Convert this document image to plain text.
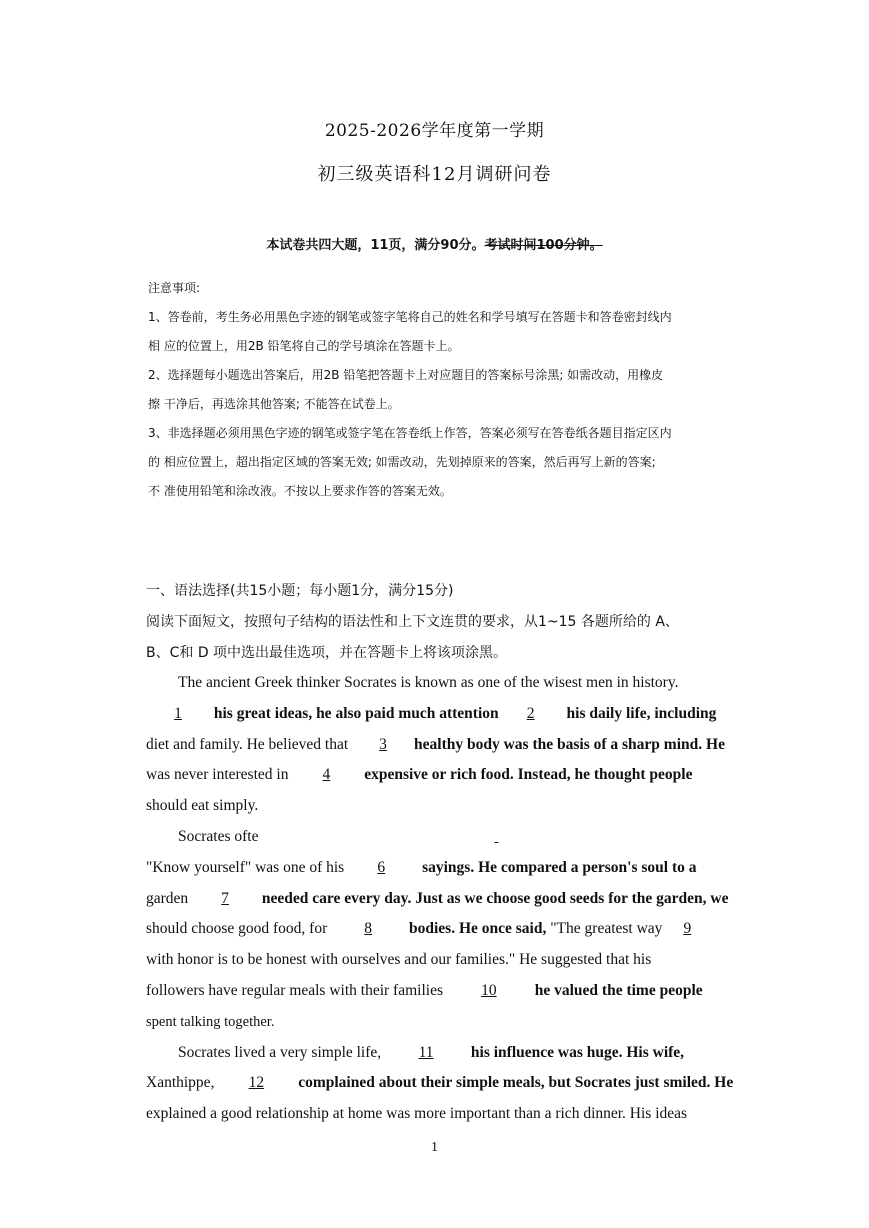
2025-2026学年度第一学期
初三级英语科12月调研问卷
本试卷共四大题，11页，满分90分。考试时间100分钟。
注意事项:
1、答卷前，考生务必用黑色字迹的钢笔或签字笔将自己的姓名和学号填写在答题卡和答卷密封线内
相 应的位置上，用2B 铅笔将自己的学号填涂在答题卡上。
2、选择题每小题选出答案后，用2B 铅笔把答题卡上对应题目的答案标号涂黑; 如需改动，用橡皮
擦 干净后，再选涂其他答案; 不能答在试卷上。
3、非选择题必须用黑色字迹的钢笔或签字笔在答卷纸上作答，答案必须写在答卷纸各题目指定区内
的 相应位置上，超出指定区域的答案无效; 如需改动，先划掉原来的答案，然后再写上新的答案;
不 准使用铅笔和涂改液。不按以上要求作答的答案无效。
一、语法选择(共15小题；每小题1分，满分15分)
阅读下面短文，按照句子结构的语法性和上下文连贯的要求，从1~15 各题所给的 A、
B、C和 D 项中选出最佳选项，并在答题卡上将该项涂黑。
The ancient Greek thinker Socrates is known as one of the wisest men in history.
1 his great ideas, he also paid much attention 2 his daily life, including
diet and family. He believed that 3 healthy body was the basis of a sharp mind. He
was never interested in 4 expensive or rich food. Instead, he thought people
should eat simply.
Socrates ofte
"Know yourself" was one of his 6 sayings. He compared a person's soul to a
garden 7 needed care every day. Just as we choose good seeds for the garden, we
should choose good food, for 8 bodies. He once said, "The greatest way 9
with honor is to be honest with ourselves and our families." He suggested that his
followers have regular meals with their families 10 he valued the time people
spent talking together.
Socrates lived a very simple life, 11 his influence was huge. His wife,
Xanthippe, 12 complained about their simple meals, but Socrates just smiled. He
explained a good relationship at home was more important than a rich dinner. His ideas
1
